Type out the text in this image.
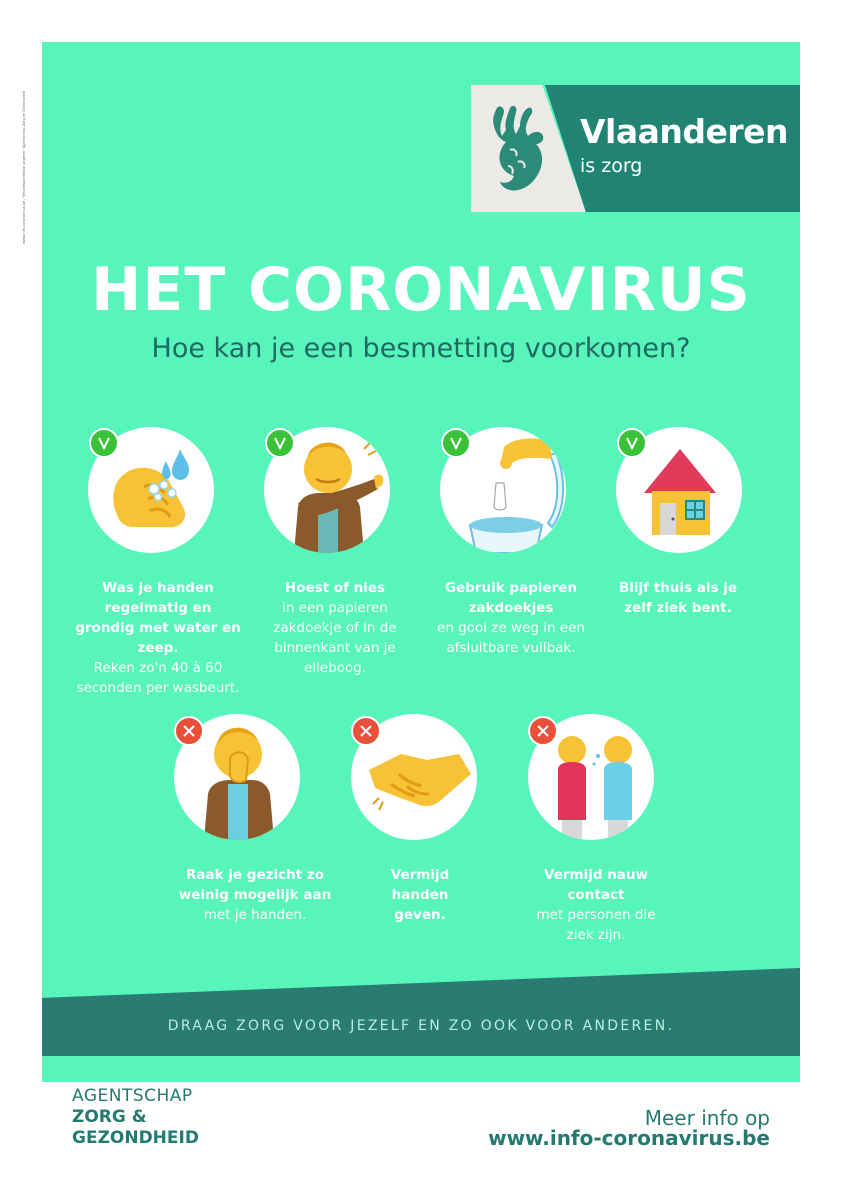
www.info-coronavirus.be / Verantwoordelijke uitgever: Agentschap Zorg en Gezondheid	Vlaanderen
is zorg
HET CORONAVIRUS
Hoe kan je een besmetting voorkomen?
Was je handen regelmatig en grondig met water en zeep.
Reken zo'n 40 à 60 seconden per wasbeurt.
Hoest of nies
in een papieren zakdoekje of in de binnenkant van je elleboog.
Gebruik papieren zakdoekjes
en gooi ze weg in een afsluitbare vuilbak.
Blijf thuis als je zelf ziek bent.
Raak je gezicht zo weinig mogelijk aan
met je handen.
Vermijd handen geven.
Vermijd nauw contact
met personen die ziek zijn.
DRAAG ZORG VOOR JEZELF EN ZO OOK VOOR ANDEREN.
AGENTSCHAP
ZORG &
GEZONDHEID
Meer info op
www.info-coronavirus.be
